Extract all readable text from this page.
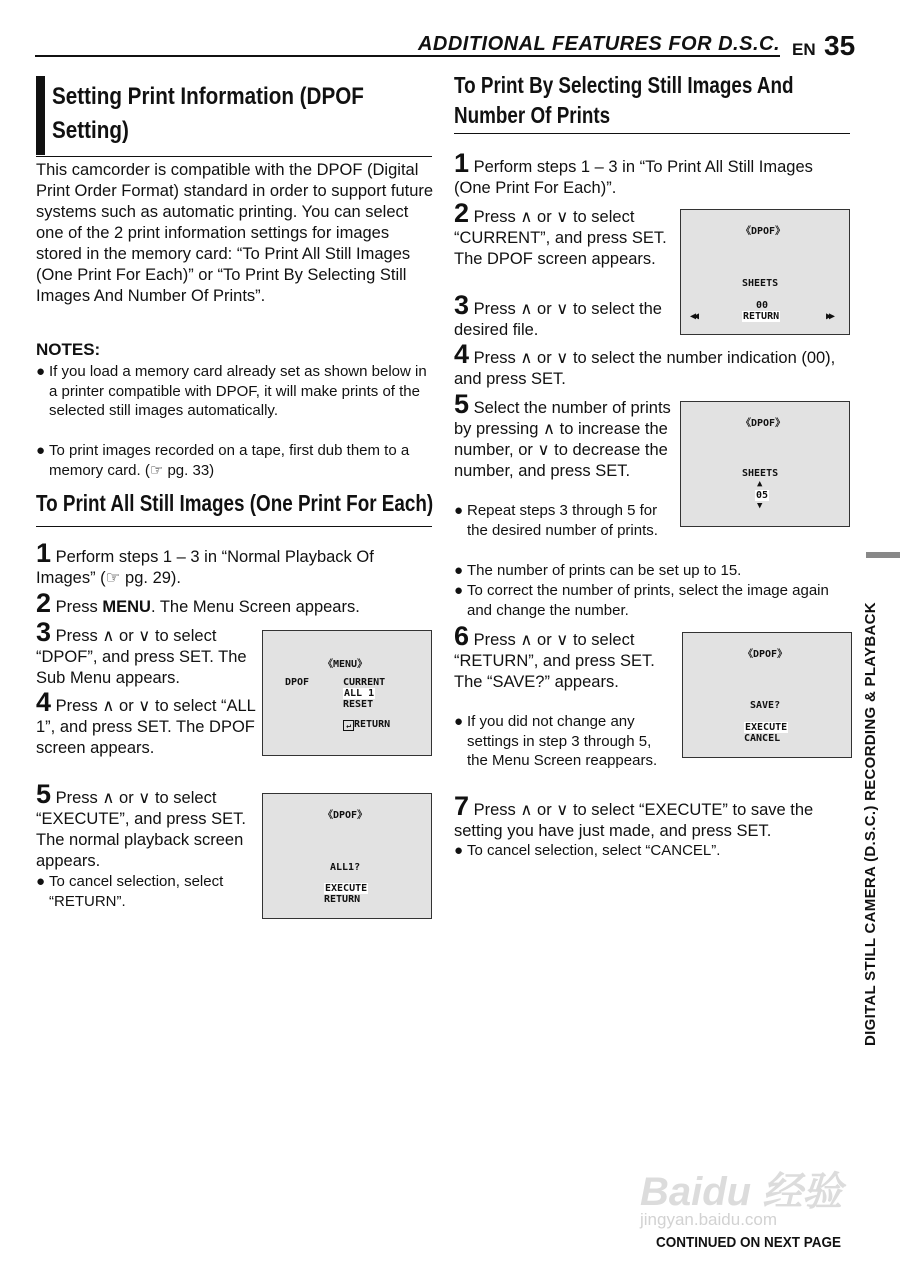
ADDITIONAL FEATURES FOR D.S.C. EN 35
Setting Print Information (DPOF
Setting)
This camcorder is compatible with the DPOF (Digital Print Order Format) standard in order to support future systems such as automatic printing. You can select one of the 2 print information settings for images stored in the memory card: “To Print All Still Images (One Print For Each)” or “To Print By Selecting Still Images And Number Of Prints”.
NOTES:
● If you load a memory card already set as shown below in a printer compatible with DPOF, it will make prints of the selected still images automatically.
● To print images recorded on a tape, first dub them to a memory card. (☞ pg. 33)
To Print All Still Images (One Print For Each)
1 Perform steps 1 – 3 in “Normal Playback Of Images” (☞ pg. 29).
2 Press MENU. The Menu Screen appears.
3 Press ∧ or ∨ to select “DPOF”, and press SET. The Sub Menu appears.
4 Press ∧ or ∨ to select “ALL 1”, and press SET. The DPOF screen appears.
5 Press ∧ or ∨ to select “EXECUTE”, and press SET. The normal playback screen appears.
● To cancel selection, select “RETURN”.
《MENU》
DPOF	CURRENT
ALL 1
RESET
↵ RETURN
《DPOF》
ALL1?
EXECUTE
RETURN
To Print By Selecting Still Images And
Number Of Prints
1 Perform steps 1 – 3 in “To Print All Still Images (One Print For Each)”.
2 Press ∧ or ∨ to select “CURRENT”, and press SET. The DPOF screen appears.
3 Press ∧ or ∨ to select the desired file.
4 Press ∧ or ∨ to select the number indication (00), and press SET.
5 Select the number of prints by pressing ∧ to increase the number, or ∨ to decrease the number, and press SET.
● Repeat steps 3 through 5 for the desired number of prints.
● The number of prints can be set up to 15.
● To correct the number of prints, select the image again and change the number.
6 Press ∧ or ∨ to select “RETURN”, and press SET. The “SAVE?” appears.
● If you did not change any settings in step 3 through 5, the Menu Screen reappears.
7 Press ∧ or ∨ to select “EXECUTE” to save the setting you have just made, and press SET.
● To cancel selection, select “CANCEL”.
《DPOF》
SHEETS
00
RETURN
◀◀	▶▶
《DPOF》
SHEETS
▲
05
▼
《DPOF》
SAVE?
EXECUTE
CANCEL	DIGITAL STILL CAMERA (D.S.C.) RECORDING & PLAYBACK
Baidu 经验
jingyan.baidu.com
CONTINUED ON NEXT PAGE
